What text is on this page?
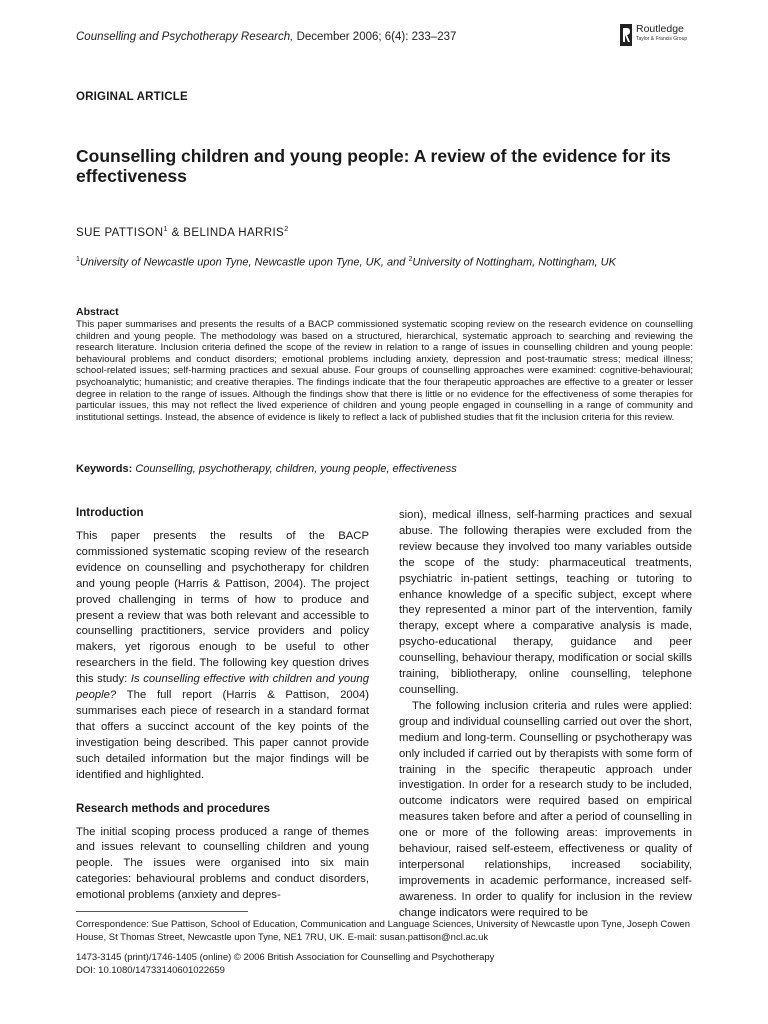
Counselling and Psychotherapy Research, December 2006; 6(4): 233–237
Routledge
Taylor & Francis Group
ORIGINAL ARTICLE
Counselling children and young people: A review of the evidence for its effectiveness
SUE PATTISON$^1$ & BELINDA HARRIS$^2$
$^1$University of Newcastle upon Tyne, Newcastle upon Tyne, UK, and $^2$University of Nottingham, Nottingham, UK
Abstract

This paper summarises and presents the results of a BACP commissioned systematic scoping review on the research evidence on counselling children and young people. The methodology was based on a structured, hierarchical, systematic approach to searching and reviewing the research literature. Inclusion criteria defined the scope of the review in relation to a range of issues in counselling children and young people: behavioural problems and conduct disorders; emotional problems including anxiety, depression and post-traumatic stress; medical illness; school-related issues; self-harming practices and sexual abuse. Four groups of counselling approaches were examined: cognitive-behavioural; psychoanalytic; humanistic; and creative therapies. The findings indicate that the four therapeutic approaches are effective to a greater or lesser degree in relation to the range of issues. Although the findings show that there is little or no evidence for the effectiveness of some therapies for particular issues, this may not reflect the lived experience of children and young people engaged in counselling in a range of community and institutional settings. Instead, the absence of evidence is likely to reflect a lack of published studies that fit the inclusion criteria for this review.

Keywords: Counselling, psychotherapy, children, young people, effectiveness
Introduction

This paper presents the results of the BACP commissioned systematic scoping review of the research evidence on counselling and psychotherapy for children and young people (Harris & Pattison, 2004). The project proved challenging in terms of how to produce and present a review that was both relevant and accessible to counselling practitioners, service providers and policy makers, yet rigorous enough to be useful to other researchers in the field. The following key question drives this study: Is counselling effective with children and young people? The full report (Harris & Pattison, 2004) summarises each piece of research in a standard format that offers a succinct account of the key points of the investigation being described. This paper cannot provide such detailed information but the major findings will be identified and highlighted.

Research methods and procedures

The initial scoping process produced a range of themes and issues relevant to counselling children and young people. The issues were organised into six main categories: behavioural problems and conduct disorders, emotional problems (anxiety and depres-

sion), medical illness, self-harming practices and sexual abuse. The following therapies were excluded from the review because they involved too many variables outside the scope of the study: pharmaceutical treatments, psychiatric in-patient settings, teaching or tutoring to enhance knowledge of a specific subject, except where they represented a minor part of the intervention, family therapy, except where a comparative analysis is made, psycho-educational therapy, guidance and peer counselling, behaviour therapy, modification or social skills training, bibliotherapy, online counselling, telephone counselling.

The following inclusion criteria and rules were applied: group and individual counselling carried out over the short, medium and long-term. Counselling or psychotherapy was only included if carried out by therapists with some form of training in the specific therapeutic approach under investigation. In order for a research study to be included, outcome indicators were required based on empirical measures taken before and after a period of counselling in one or more of the following areas: improvements in behaviour, raised self-esteem, effectiveness or quality of interpersonal relationships, increased sociability, improvements in academic performance, increased self-awareness. In order to qualify for inclusion in the review change indicators were required to be

Correspondence: Sue Pattison, School of Education, Communication and Language Sciences, University of Newcastle upon Tyne, Joseph Cowen House, St Thomas Street, Newcastle upon Tyne, NE1 7RU, UK. E-mail: susan.pattison@ncl.ac.uk

1473-3145 (print)/1746-1405 (online) © 2006 British Association for Counselling and Psychotherapy
DOI: 10.1080/14733140601022659
